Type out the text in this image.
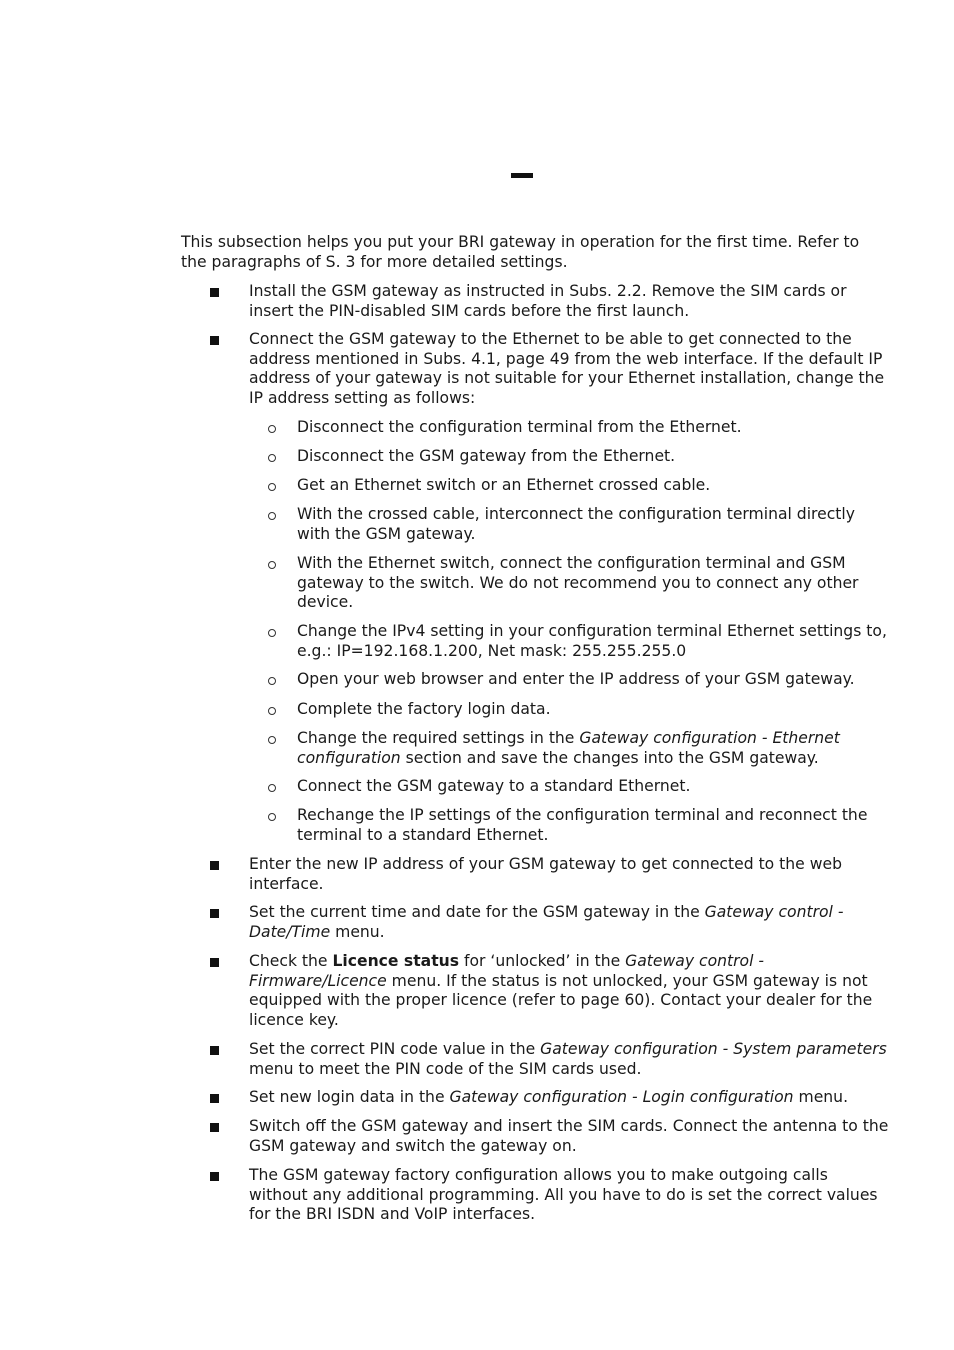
This subsection helps you put your BRI gateway in operation for the first time. Refer to the paragraphs of S. 3 for more detailed settings.

Install the GSM gateway as instructed in Subs. 2.2. Remove the SIM cards or insert the PIN-disabled SIM cards before the first launch.

Connect the GSM gateway to the Ethernet to be able to get connected to the address mentioned in Subs. 4.1, page 49 from the web interface. If the default IP address of your gateway is not suitable for your Ethernet installation, change the IP address setting as follows:

Disconnect the configuration terminal from the Ethernet.

Disconnect the GSM gateway from the Ethernet.

Get an Ethernet switch or an Ethernet crossed cable.

With the crossed cable, interconnect the configuration terminal directly with the GSM gateway.

With the Ethernet switch, connect the configuration terminal and GSM gateway to the switch. We do not recommend you to connect any other device.

Change the IPv4 setting in your configuration terminal Ethernet settings to, e.g.: IP=192.168.1.200, Net mask: 255.255.255.0

Open your web browser and enter the IP address of your GSM gateway.

Complete the factory login data.

Change the required settings in the Gateway configuration - Ethernet configuration section and save the changes into the GSM gateway.

Connect the GSM gateway to a standard Ethernet.

Rechange the IP settings of the configuration terminal and reconnect the terminal to a standard Ethernet.

Enter the new IP address of your GSM gateway to get connected to the web interface.

Set the current time and date for the GSM gateway in the Gateway control - Date/Time menu.

Check the Licence status for ‘unlocked’ in the Gateway control - Firmware/Licence menu. If the status is not unlocked, your GSM gateway is not equipped with the proper licence (refer to page 60). Contact your dealer for the licence key.

Set the correct PIN code value in the Gateway configuration - System parameters menu to meet the PIN code of the SIM cards used.

Set new login data in the Gateway configuration - Login configuration menu.

Switch off the GSM gateway and insert the SIM cards. Connect the antenna to the GSM gateway and switch the gateway on.

The GSM gateway factory configuration allows you to make outgoing calls without any additional programming. All you have to do is set the correct values for the BRI ISDN and VoIP interfaces.
